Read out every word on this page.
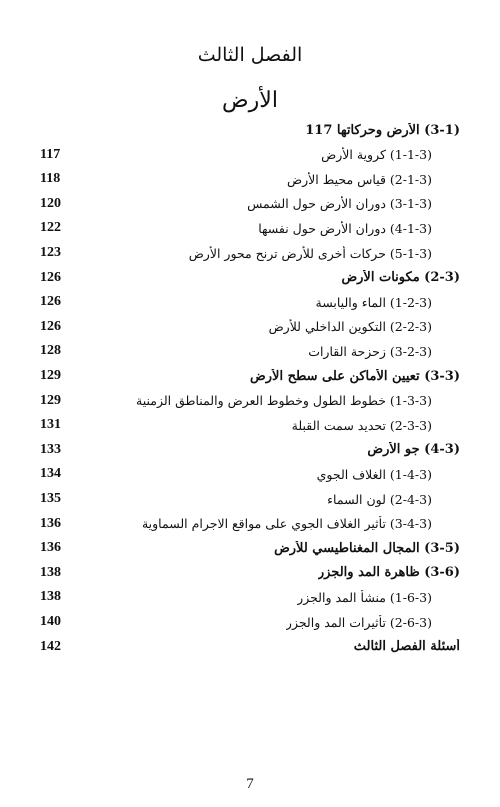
الفصل الثالث
الأرض
(3-1) الأرض وحركاتها 117
117	(1-1-3) كروية الأرض
118	(2-1-3) قياس محيط الأرض
120	(3-1-3) دوران الأرض حول الشمس
122	(4-1-3) دوران الأرض حول نفسها
123	(5-1-3) حركات أخرى للأرض ترنح محور الأرض
126	(2-3) مكونات الأرض
126	(1-2-3) الماء واليابسة
126	(2-2-3) التكوين الداخلي للأرض
128	(3-2-3) زحزحة القارات
129	(3-3) تعيين الأماكن على سطح الأرض
129	(1-3-3) خطوط الطول وخطوط العرض والمناطق الزمنية
131	(2-3-3) تحديد سمت القبلة
133	(4-3) جو الأرض
134	(1-4-3) الغلاف الجوي
135	(2-4-3) لون السماء
136	(3-4-3) تأثير الغلاف الجوي على مواقع الاجرام السماوية
136	(3-5) المجال المغناطيسي للأرض
138	(3-6) ظاهرة المد والجزر
138	(1-6-3) منشأ المد والجزر
140	(2-6-3) تأثيرات المد والجزر
142	أسئلة الفصل الثالث
7
